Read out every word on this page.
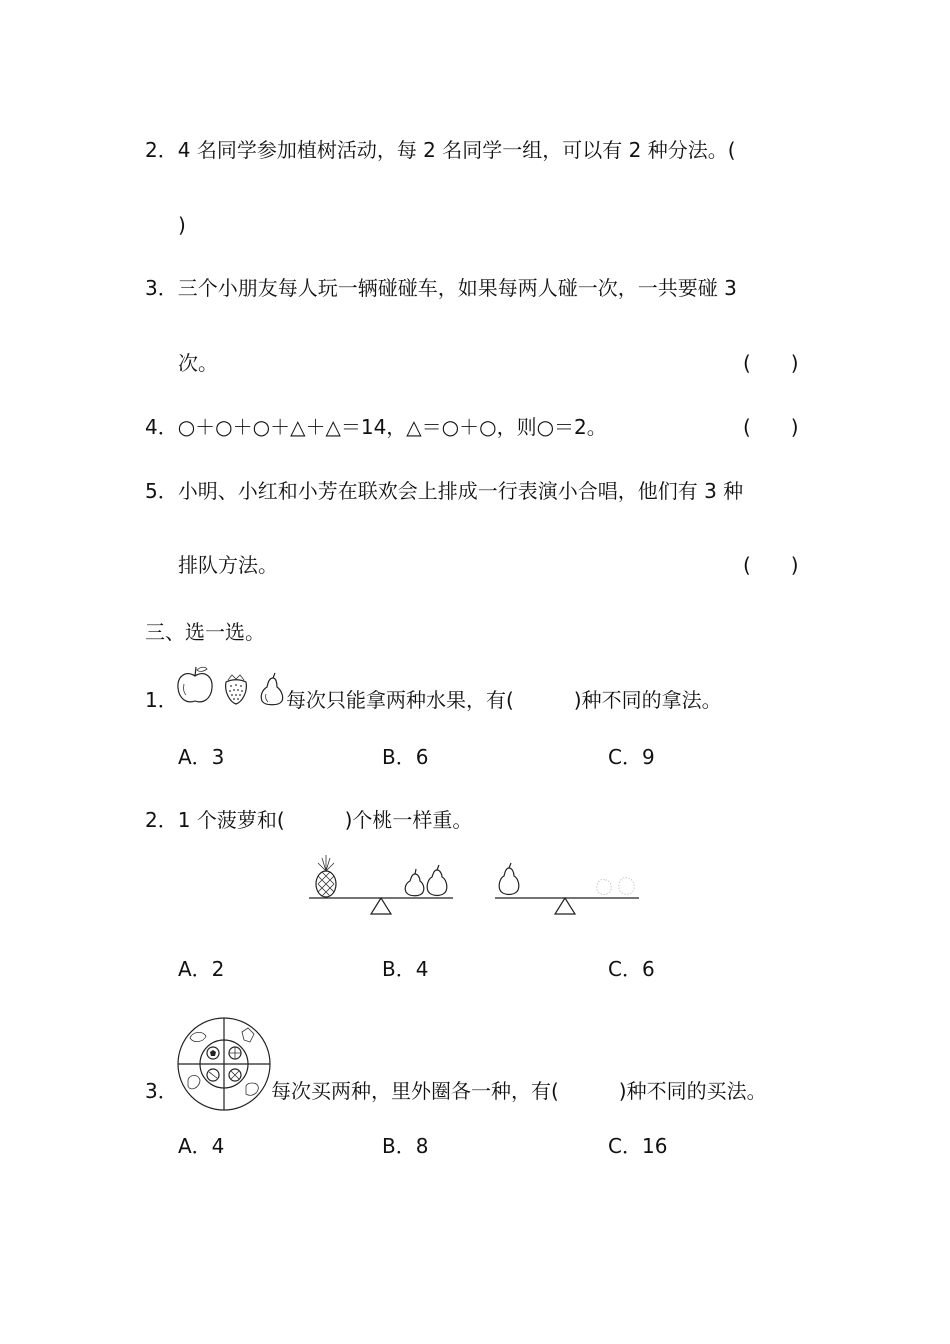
2．4 名同学参加植树活动，每 2 名同学一组，可以有 2 种分法。(
)
3．三个小朋友每人玩一辆碰碰车，如果每两人碰一次，一共要碰 3
次。	(　　)
4．○＋○＋○＋△＋△＝14，△＝○＋○，则○＝2。	(　　)
5．小明、小红和小芳在联欢会上排成一行表演小合唱，他们有 3 种
排队方法。	(　　)
三、选一选。
1．	每次只能拿两种水果，有(　　　)种不同的拿法。
A．3	B．6	C．9
2．1 个菠萝和(　　　)个桃一样重。
A．2	B．4	C．6
3．	每次买两种，里外圈各一种，有(　　　)种不同的买法。
A．4	B．8	C．16
